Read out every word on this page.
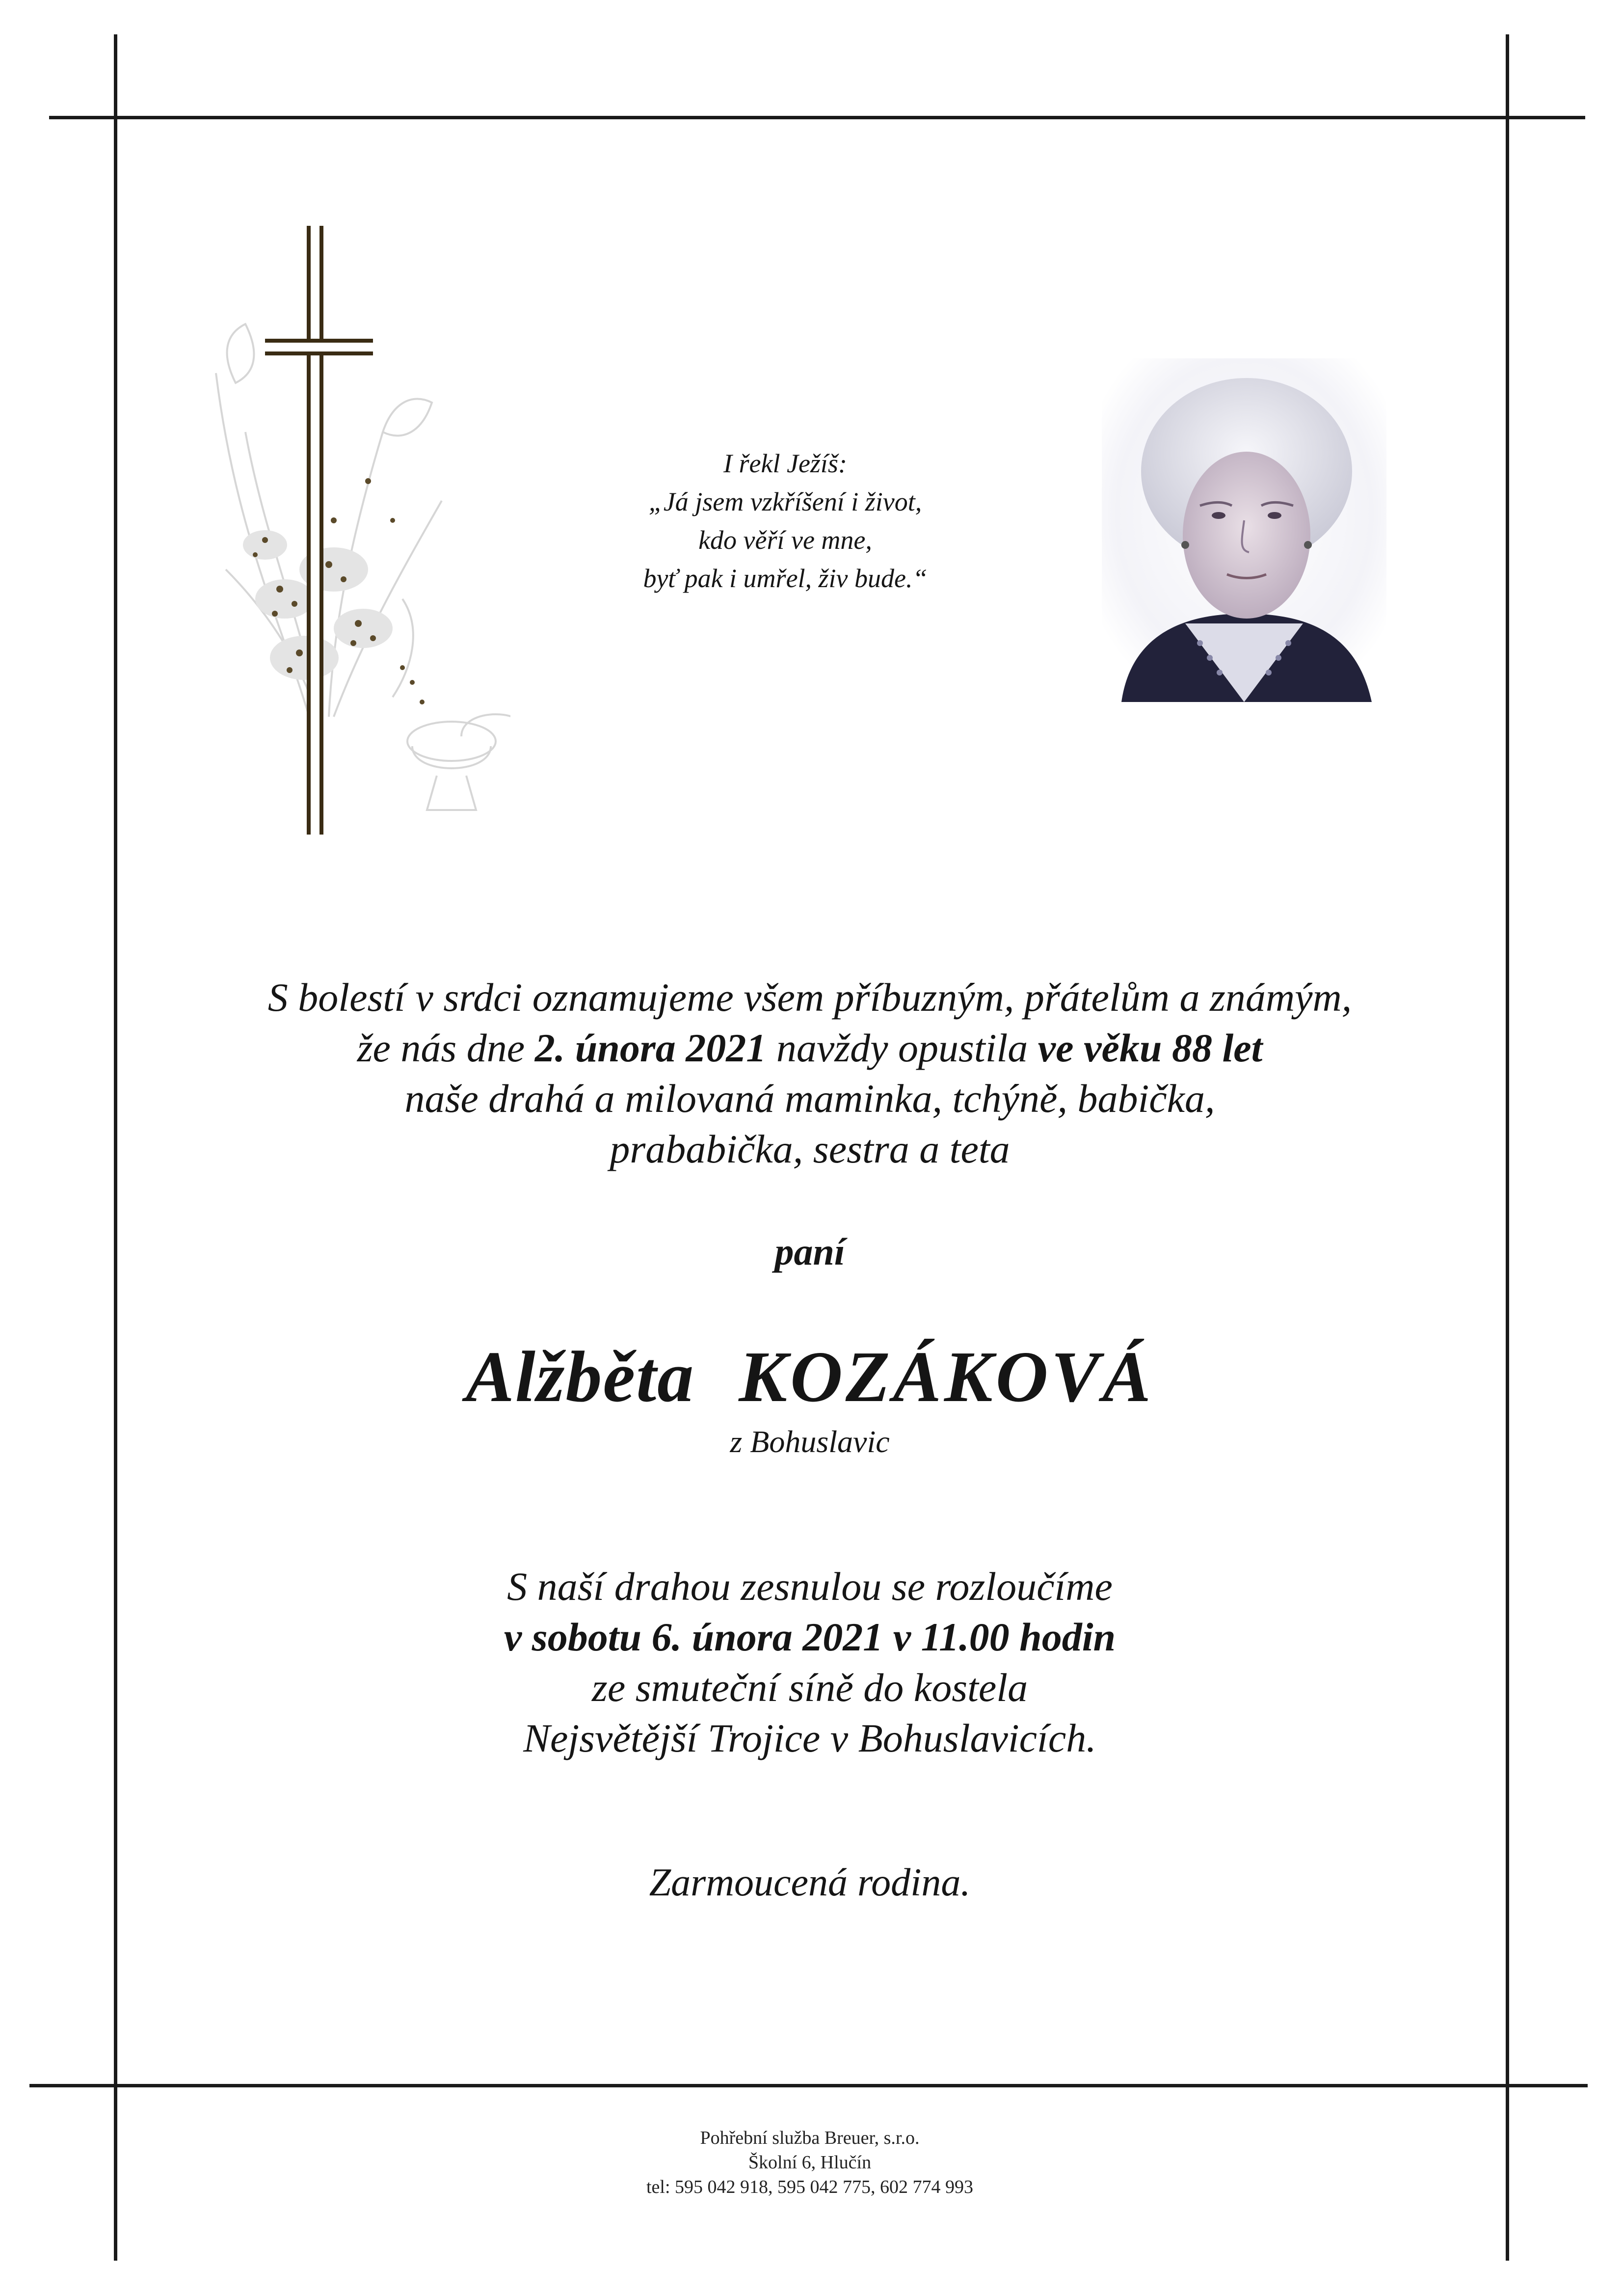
I řekl Ježíš:
„Já jsem vzkříšení i život,
kdo věří ve mne,
byť pak i umřel, živ bude.“
S bolestí v srdci oznamujeme všem příbuzným, přátelům a známým,
že nás dne 2. února 2021 navždy opustila ve věku 88 let
naše drahá a milovaná maminka, tchýně, babička,
prababička, sestra a teta
paní
Alžběta KOZÁKOVÁ
z Bohuslavic
S naší drahou zesnulou se rozloučíme
v sobotu 6. února 2021 v 11.00 hodin
ze smuteční síně do kostela
Nejsvětější Trojice v Bohuslavicích.
Zarmoucená rodina.
Pohřební služba Breuer, s.r.o.
Školní 6, Hlučín
tel: 595 042 918, 595 042 775, 602 774 993
